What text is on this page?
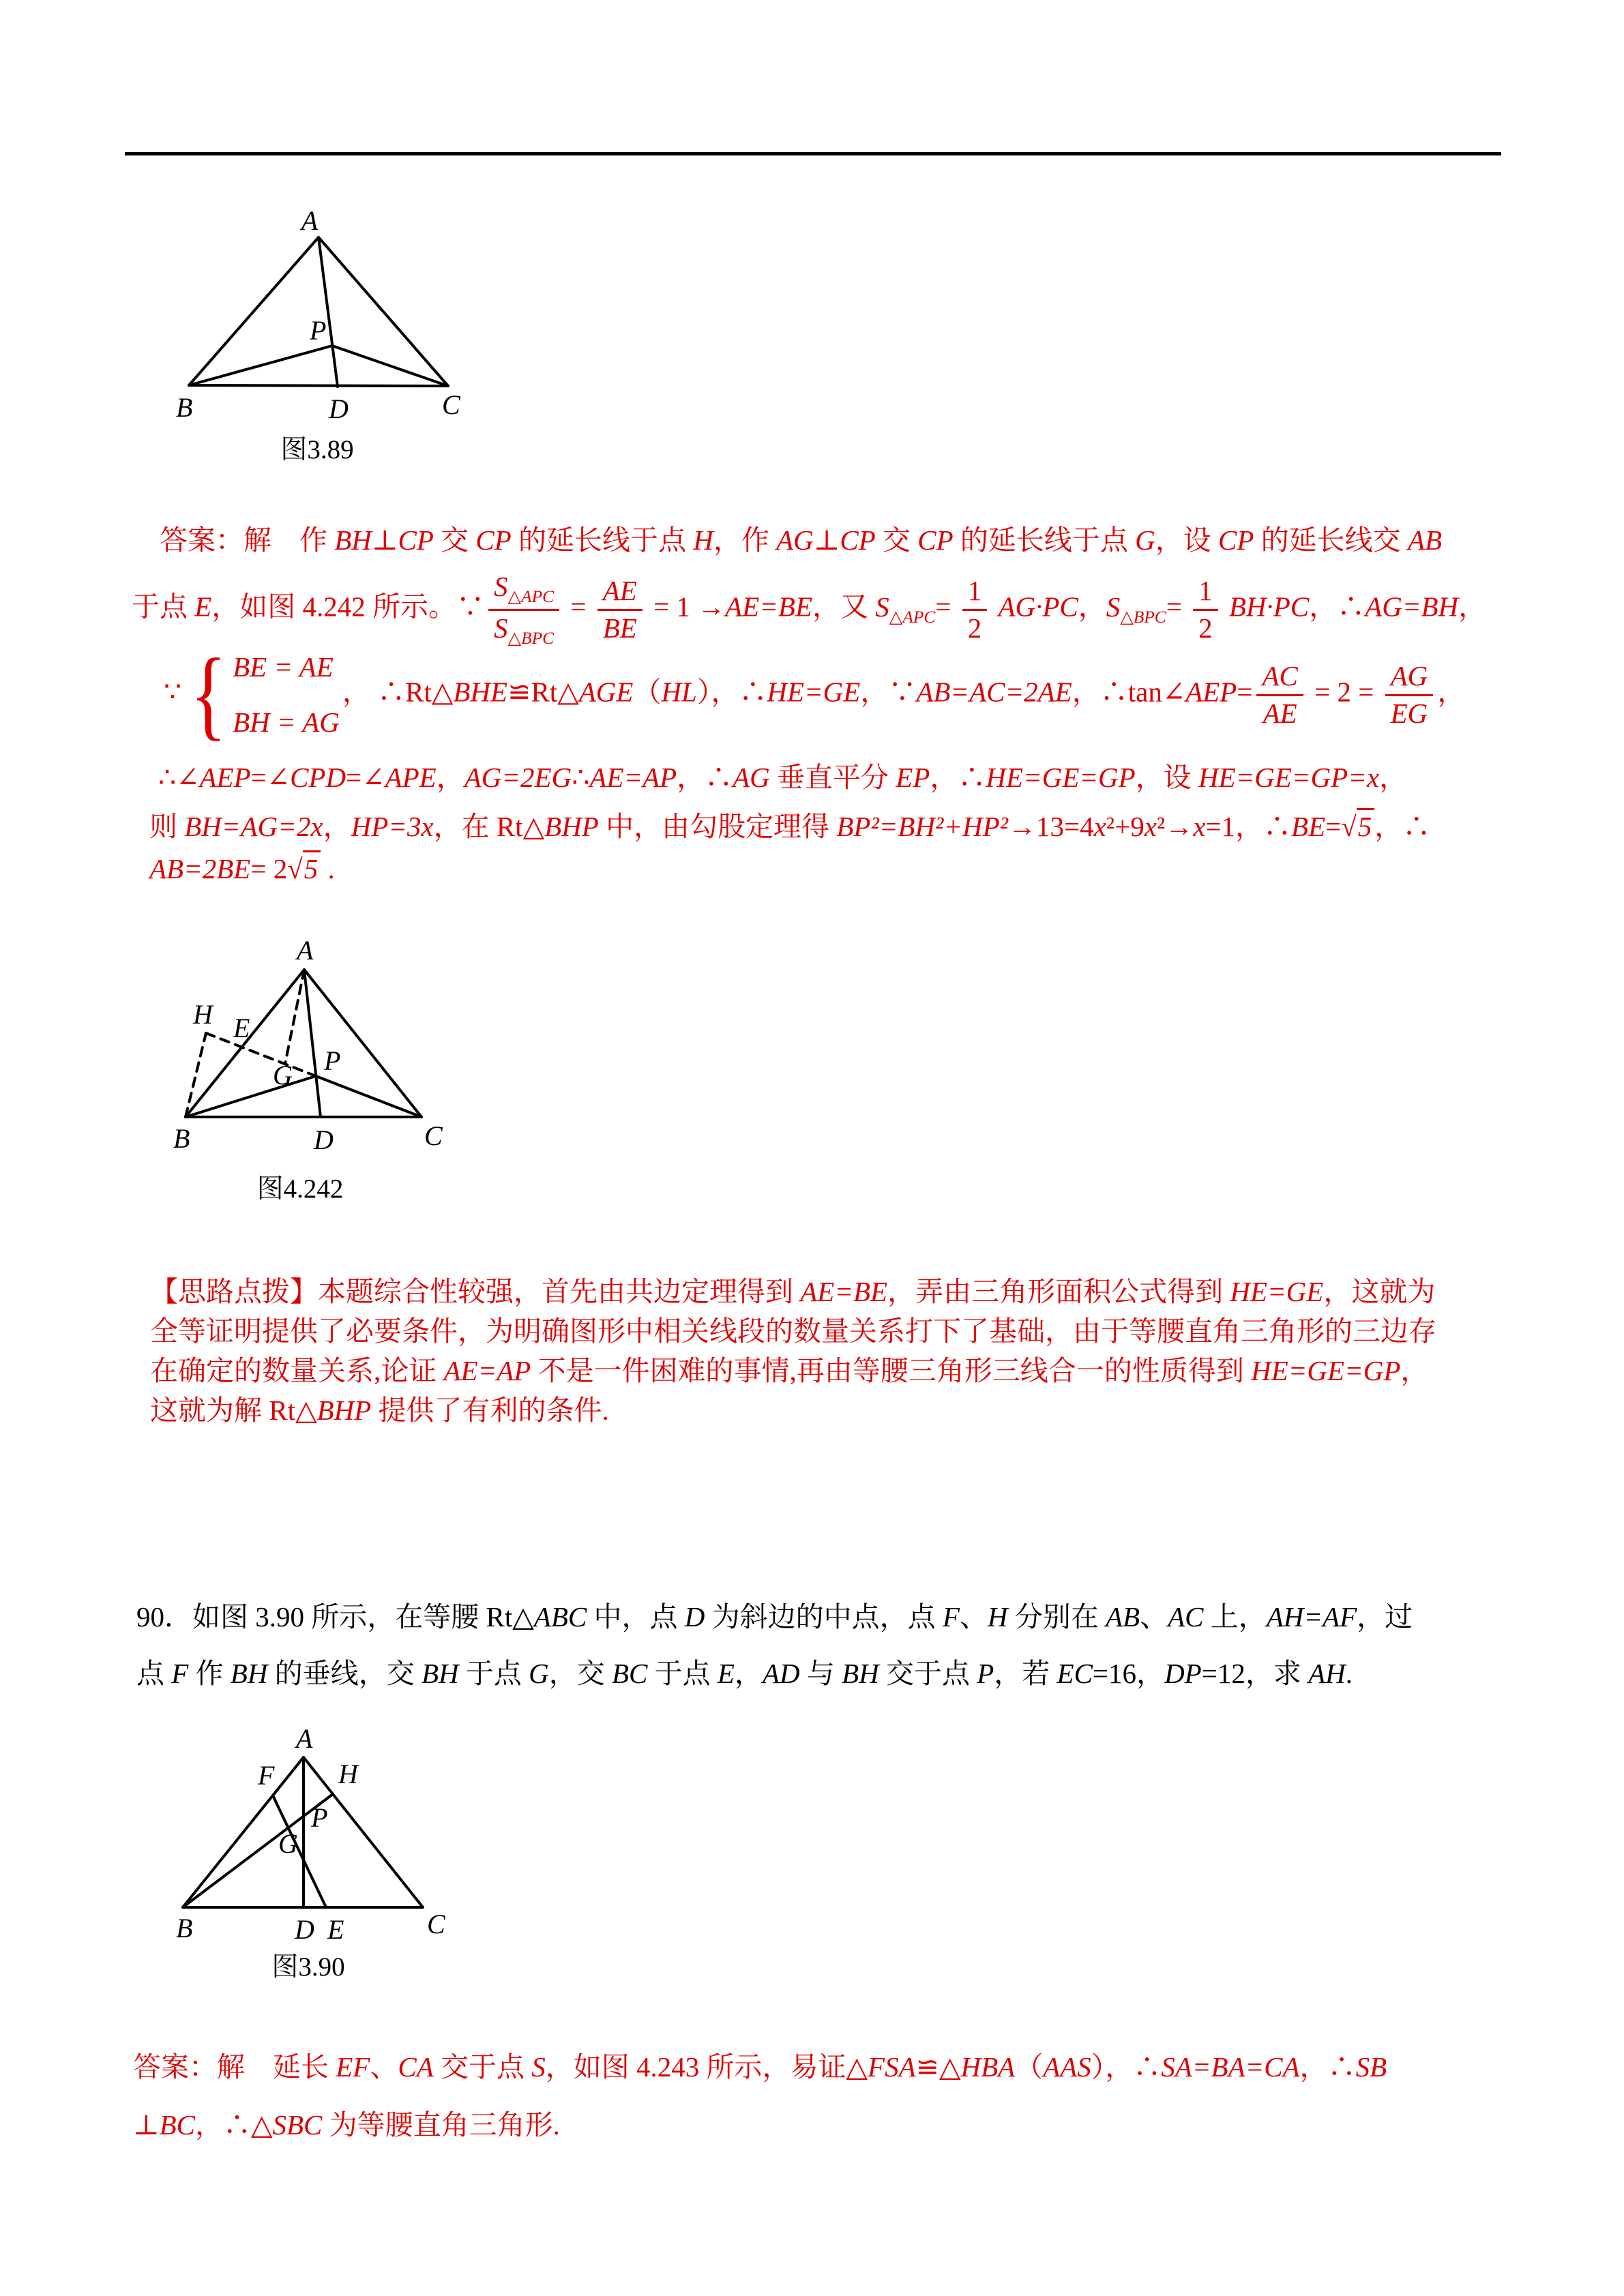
A
B	C
D
P
图3.89
答案：解　作 BH⊥CP 交 CP 的延长线于点 H，作 AG⊥CP 交 CP 的延长线于点 G，设 CP 的延长线交 AB
于点 E，如图 4.242 所示。∵ $\frac{S_{\triangle APC}}{S_{\triangle BPC}} = \frac{AE}{BE} = 1 \to AE=BE$，又 $S_{\triangle APC}= \frac{1}{2} AG\cdot PC$，$S_{\triangle BPC}= \frac{1}{2} BH\cdot PC$，∴AG=BH，
∵ { BE = AE
BH = AG
， ∴Rt△BHE≌Rt△AGE（HL），∴HE=GE，∵AB=AC=2AE，∴tan∠AEP= $\frac{AC}{AE} = 2 = \frac{AG}{EG}$ ，
∴∠AEP=∠CPD=∠APE，AG=2EG∴AE=AP，∴AG 垂直平分 EP，∴HE=GE=GP，设 HE=GE=GP=x，
则 BH=AG=2x，HP=3x，在 Rt△BHP 中，由勾股定理得 BP²=BH²+HP²→13=4x²+9x²→x=1，∴BE=√5，∴
AB=2BE= 2√5 .
A
H E
G P
B	D	C
图4.242
【思路点拨】本题综合性较强，首先由共边定理得到 AE=BE，弄由三角形面积公式得到 HE=GE，这就为
全等证明提供了必要条件，为明确图形中相关线段的数量关系打下了基础，由于等腰直角三角形的三边存
在确定的数量关系,论证 AE=AP 不是一件困难的事情,再由等腰三角形三线合一的性质得到 HE=GE=GP，
这就为解 Rt△BHP 提供了有利的条件.
90．如图 3.90 所示，在等腰 Rt△ABC 中，点 D 为斜边的中点，点 F、H 分别在 AB、AC 上，AH=AF，过
点 F 作 BH 的垂线，交 BH 于点 G，交 BC 于点 E，AD 与 BH 交于点 P，若 EC=16，DP=12，求 AH.
A
F H
P
G
B	D E	C
图3.90
答案：解　延长 EF、CA 交于点 S，如图 4.243 所示，易证△FSA≌△HBA（AAS），∴SA=BA=CA，∴SB
⊥BC，∴△SBC 为等腰直角三角形.
